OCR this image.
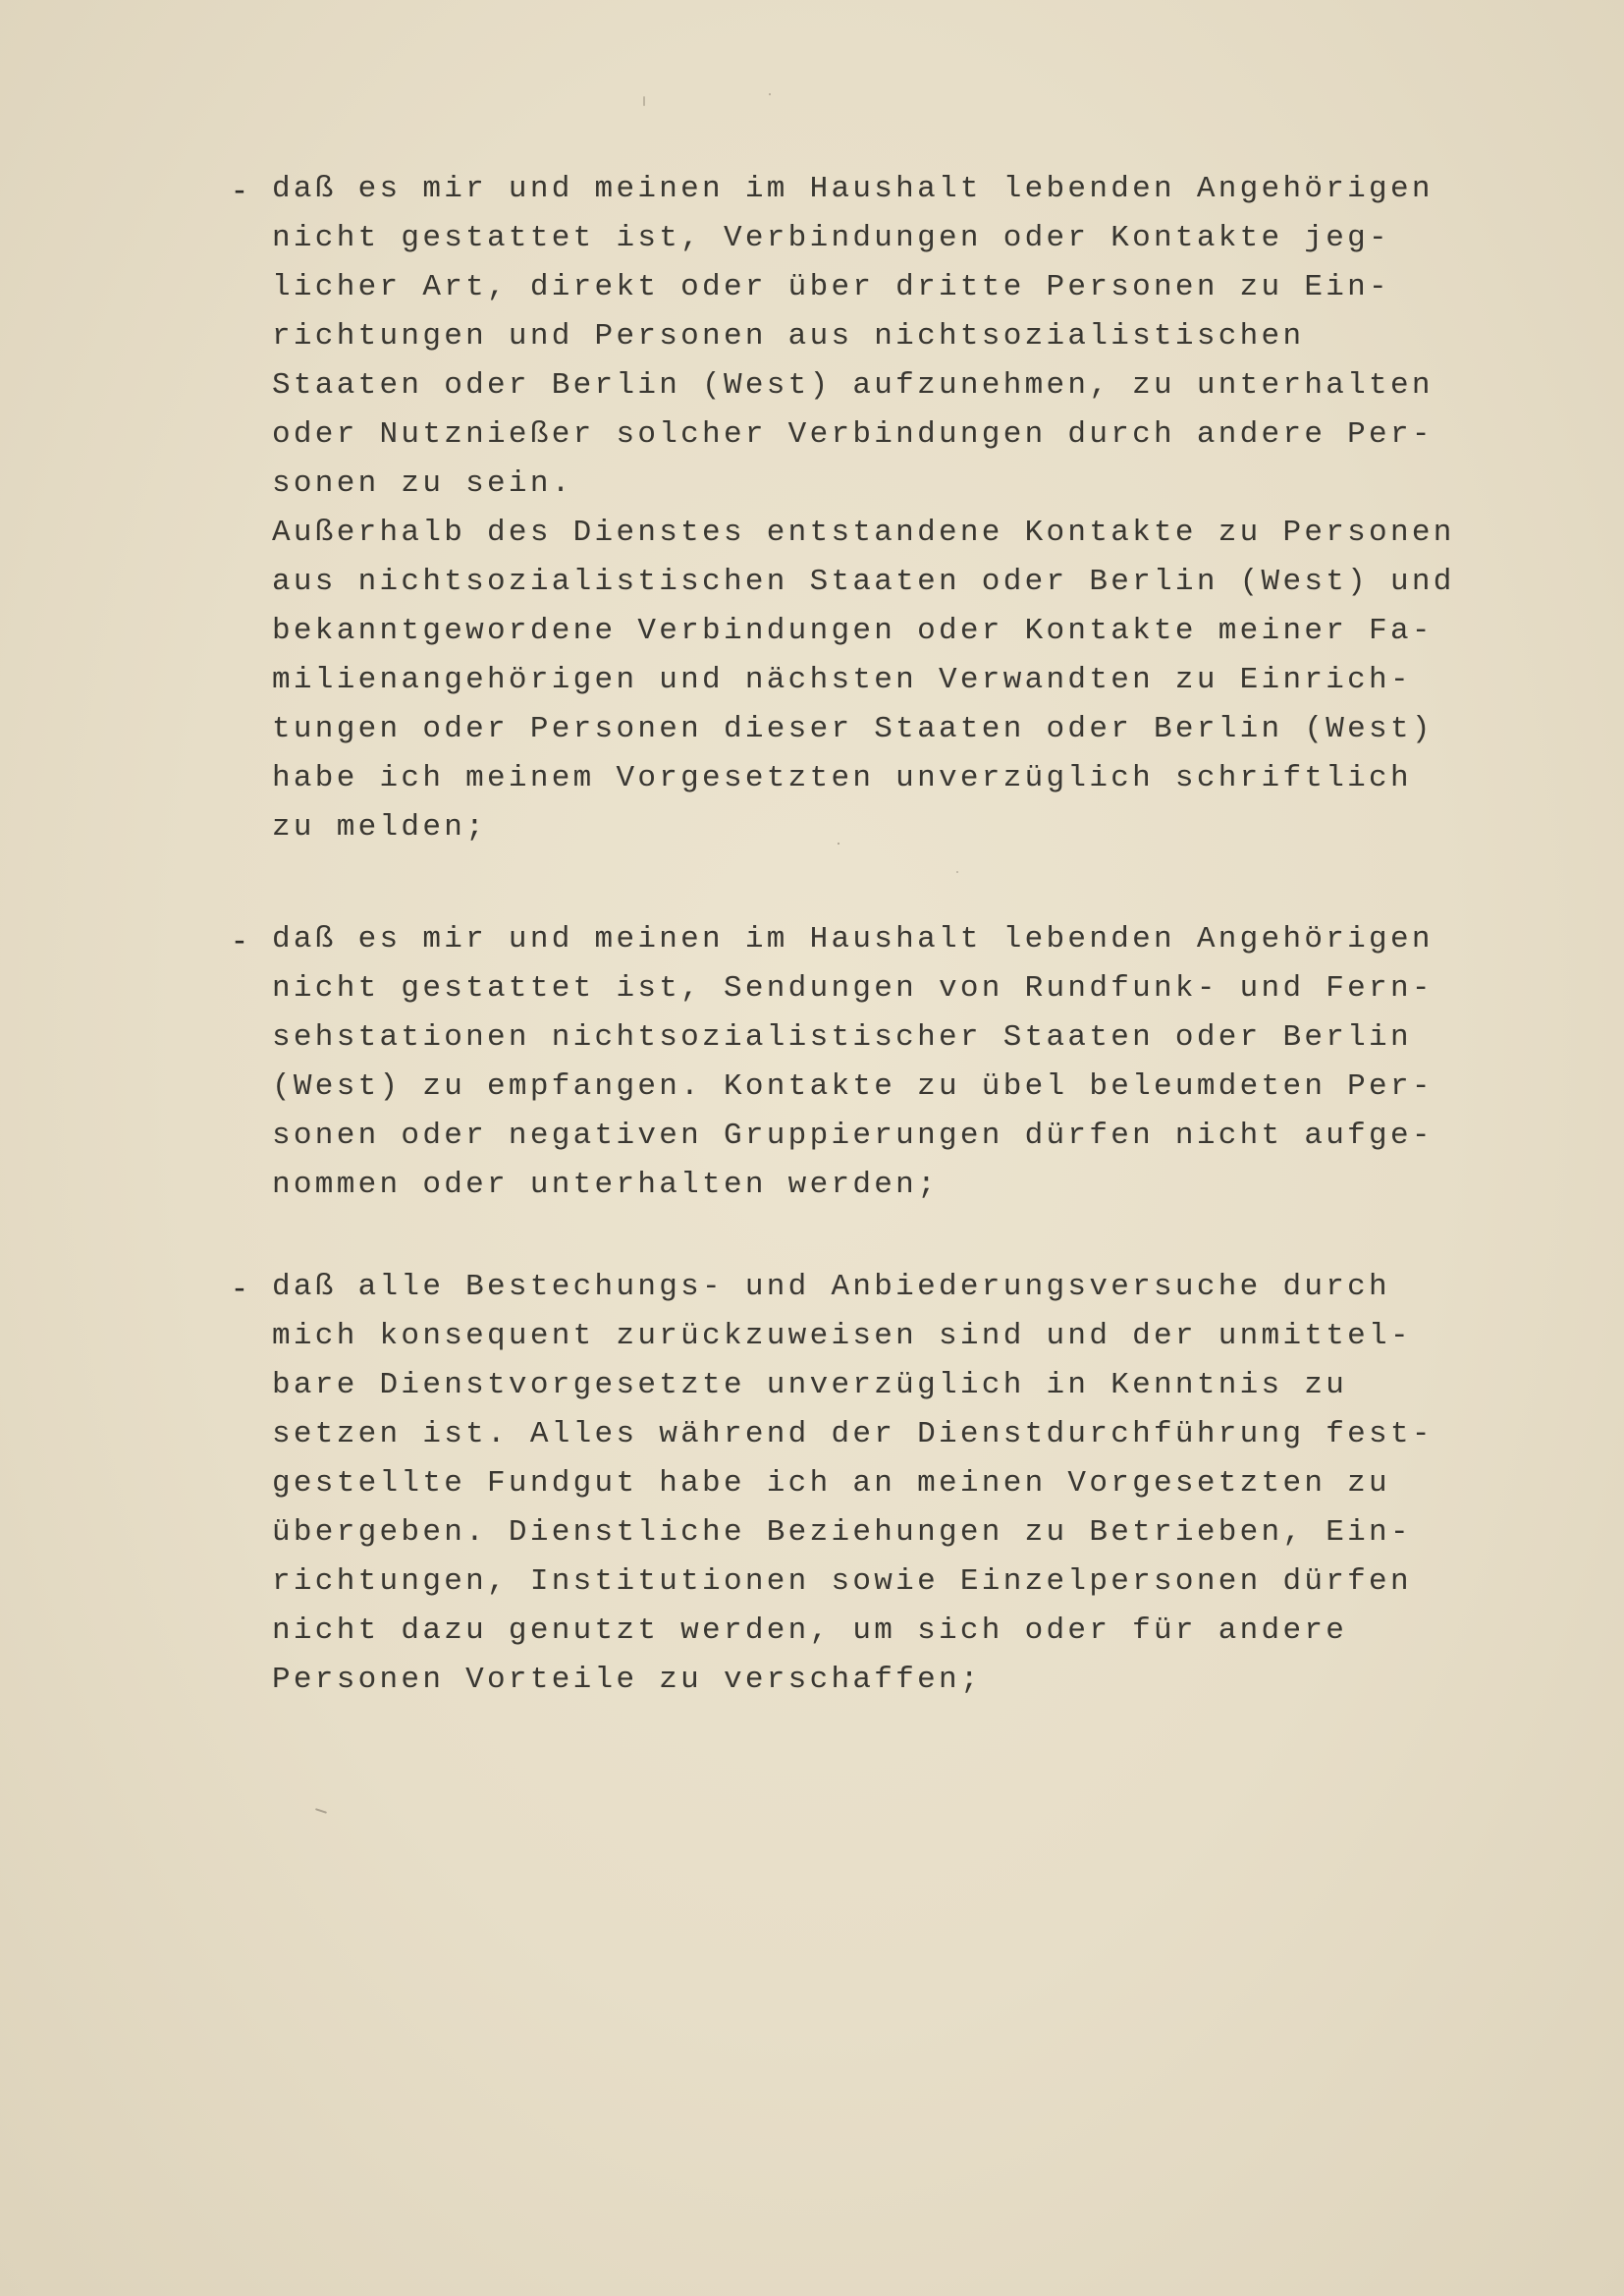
- daß es mir und meinen im Haushalt lebenden Angehörigen
nicht gestattet ist, Verbindungen oder Kontakte jeg-
licher Art, direkt oder über dritte Personen zu Ein-
richtungen und Personen aus nichtsozialistischen
Staaten oder Berlin (West) aufzunehmen, zu unterhalten
oder Nutznießer solcher Verbindungen durch andere Per-
sonen zu sein.
Außerhalb des Dienstes entstandene Kontakte zu Personen
aus nichtsozialistischen Staaten oder Berlin (West) und
bekanntgewordene Verbindungen oder Kontakte meiner Fa-
milienangehörigen und nächsten Verwandten zu Einrich-
tungen oder Personen dieser Staaten oder Berlin (West)
habe ich meinem Vorgesetzten unverzüglich schriftlich
zu melden;
- daß es mir und meinen im Haushalt lebenden Angehörigen
nicht gestattet ist, Sendungen von Rundfunk- und Fern-
sehstationen nichtsozialistischer Staaten oder Berlin
(West) zu empfangen. Kontakte zu übel beleumdeten Per-
sonen oder negativen Gruppierungen dürfen nicht aufge-
nommen oder unterhalten werden;
- daß alle Bestechungs- und Anbiederungsversuche durch
mich konsequent zurückzuweisen sind und der unmittel-
bare Dienstvorgesetzte unverzüglich in Kenntnis zu
setzen ist. Alles während der Dienstdurchführung fest-
gestellte Fundgut habe ich an meinen Vorgesetzten zu
übergeben. Dienstliche Beziehungen zu Betrieben, Ein-
richtungen, Institutionen sowie Einzelpersonen dürfen
nicht dazu genutzt werden, um sich oder für andere
Personen Vorteile zu verschaffen;
